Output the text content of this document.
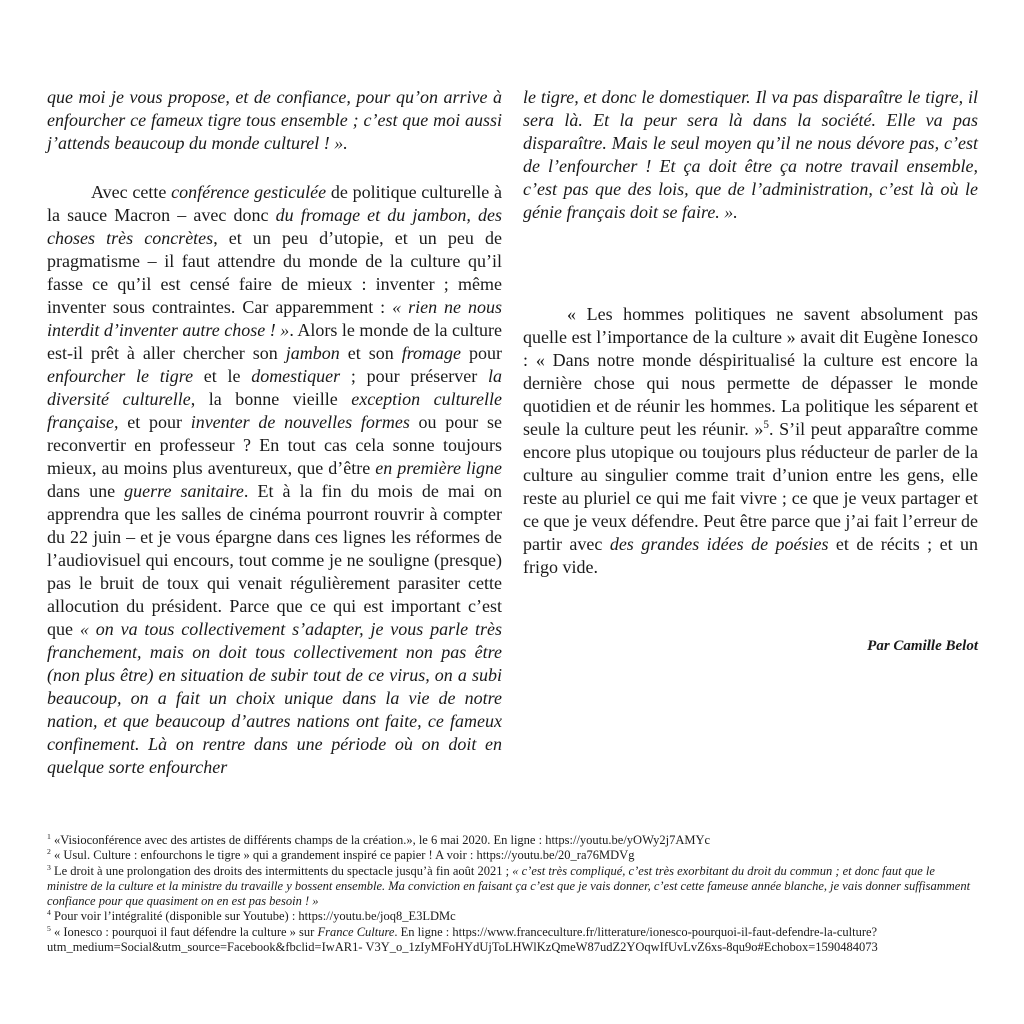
que moi je vous propose, et de confiance, pour qu’on arrive à enfourcher ce fameux tigre tous ensemble ; c’est que moi aussi j’attends beaucoup du monde culturel ! ».

Avec cette conférence gesticulée de politique culturelle à la sauce Macron – avec donc du fromage et du jambon, des choses très concrètes, et un peu d’utopie, et un peu de pragmatisme – il faut attendre du monde de la culture qu’il fasse ce qu’il est censé faire de mieux : inventer ; même inventer sous contraintes. Car apparemment : « rien ne nous interdit d’inventer autre chose ! ». Alors le monde de la culture est-il prêt à aller chercher son jambon et son fromage pour enfourcher le tigre et le domestiquer ; pour préserver la diversité culturelle, la bonne vieille exception culturelle française, et pour inventer de nouvelles formes ou pour se reconvertir en professeur ? En tout cas cela sonne toujours mieux, au moins plus aventureux, que d’être en première ligne dans une guerre sanitaire. Et à la fin du mois de mai on apprendra que les salles de cinéma pourront rouvrir à compter du 22 juin – et je vous épargne dans ces lignes les réformes de l’audiovisuel qui encours, tout comme je ne souligne (presque) pas le bruit de toux qui venait régulièrement parasiter cette allocution du président. Parce que ce qui est important c’est que « on va tous collectivement s’adapter, je vous parle très franchement, mais on doit tous collectivement non pas être (non plus être) en situation de subir tout de ce virus, on a subi beaucoup, on a fait un choix unique dans la vie de notre nation, et que beaucoup d’autres nations ont faite, ce fameux confinement. Là on rentre dans une période où on doit en quelque sorte enfourcher

le tigre, et donc le domestiquer. Il va pas disparaître le tigre, il sera là. Et la peur sera là dans la société. Elle va pas disparaître. Mais le seul moyen qu’il ne nous dévore pas, c’est de l’enfourcher ! Et ça doit être ça notre travail ensemble, c’est pas que des lois, que de l’administration, c’est là où le génie français doit se faire. ».

« Les hommes politiques ne savent absolument pas quelle est l’importance de la culture » avait dit Eugène Ionesco : « Dans notre monde déspiritualisé la culture est encore la dernière chose qui nous permette de dépasser le monde quotidien et de réunir les hommes. La politique les séparent et seule la culture peut les réunir. »$^5$. S’il peut apparaître comme encore plus utopique ou toujours plus réducteur de parler de la culture au singulier comme trait d’union entre les gens, elle reste au pluriel ce qui me fait vivre ; ce que je veux partager et ce que je veux défendre. Peut être parce que j’ai fait l’erreur de partir avec des grandes idées de poésies et de récits ; et un frigo vide.

Par Camille Belot

$^1$ «Visioconférence avec des artistes de différents champs de la création.», le 6 mai 2020. En ligne : https://youtu.be/yOWy2j7AMYc

$^2$ « Usul. Culture : enfourchons le tigre » qui a grandement inspiré ce papier ! A voir : https://youtu.be/20_ra76MDVg

$^3$ Le droit à une prolongation des droits des intermittents du spectacle jusqu’à fin août 2021 ; « c’est très compliqué, c’est très exorbitant du droit du commun ; et donc faut que le ministre de la culture et la ministre du travaille y bossent ensemble. Ma conviction en faisant ça c’est que je vais donner, c’est cette fameuse année blanche, je vais donner suffisamment confiance pour que quasiment on en est pas besoin ! »

$^4$ Pour voir l’intégralité (disponible sur Youtube) : https://youtu.be/joq8_E3LDMc

$^5$ « Ionesco : pourquoi il faut défendre la culture » sur France Culture. En ligne : https://www.franceculture.fr/litterature/ionesco-pourquoi-il-faut-defendre-la-culture?utm_medium=Social&utm_source=Facebook&fbclid=IwAR1- V3Y_o_1zIyMFoHYdUjToLHWlKzQmeW87udZ2YOqwIfUvLvZ6xs-8qu9o#Echobox=1590484073
